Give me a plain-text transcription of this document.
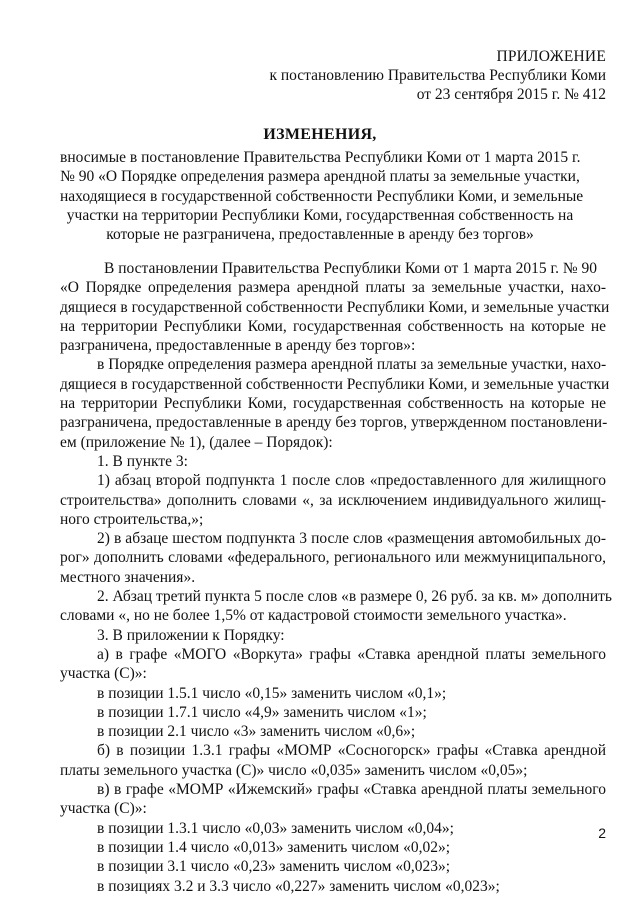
ПРИЛОЖЕНИЕ
к постановлению Правительства Республики Коми
от 23 сентября 2015 г. № 412
ИЗМЕНЕНИЯ,
вносимые в постановление Правительства Республики Коми от 1 марта 2015 г.
№ 90 «О Порядке определения размера арендной платы за земельные участки,
находящиеся в государственной собственности Республики Коми, и земельные
участки на территории Республики Коми, государственная собственность на
которые не разграничена, предоставленные в аренду без торгов»
В постановлении Правительства Республики Коми от 1 марта 2015 г. № 90
«О Порядке определения размера арендной платы за земельные участки, нахо-
дящиеся в государственной собственности Республики Коми, и земельные участки
на территории Республики Коми, государственная собственность на которые не
разграничена, предоставленные в аренду без торгов»:
в Порядке определения размера арендной платы за земельные участки, нахо-
дящиеся в государственной собственности Республики Коми, и земельные участки
на территории Республики Коми, государственная собственность на которые не
разграничена, предоставленные в аренду без торгов, утвержденном постановлени-
ем (приложение № 1), (далее – Порядок):
1. В пункте 3:
1) абзац второй подпункта 1 после слов «предоставленного для жилищного
строительства» дополнить словами «, за исключением индивидуального жилищ-
ного строительства,»;
2) в абзаце шестом подпункта 3 после слов «размещения автомобильных до-
рог» дополнить словами «федерального, регионального или межмуниципального,
местного значения».
2. Абзац третий пункта 5 после слов «в размере 0, 26 руб. за кв. м» дополнить
словами «, но не более 1,5% от кадастровой стоимости земельного участка».
3. В приложении к Порядку:
а) в графе «МОГО «Воркута» графы «Ставка арендной платы земельного
участка (С)»:
в позиции 1.5.1 число «0,15» заменить числом «0,1»;
в позиции 1.7.1 число «4,9» заменить числом «1»;
в позиции 2.1 число «3» заменить числом «0,6»;
б) в позиции 1.3.1 графы «МОМР «Сосногорск» графы «Ставка арендной
платы земельного участка (С)» число «0,035» заменить числом «0,05»;
в) в графе «МОМР «Ижемский» графы «Ставка арендной платы земельного
участка (С)»:
в позиции 1.3.1 число «0,03» заменить числом «0,04»;
в позиции 1.4 число «0,013» заменить числом «0,02»;
в позиции 3.1 число «0,23» заменить числом «0,023»;
в позициях 3.2 и 3.3 число «0,227» заменить числом «0,023»;
2
